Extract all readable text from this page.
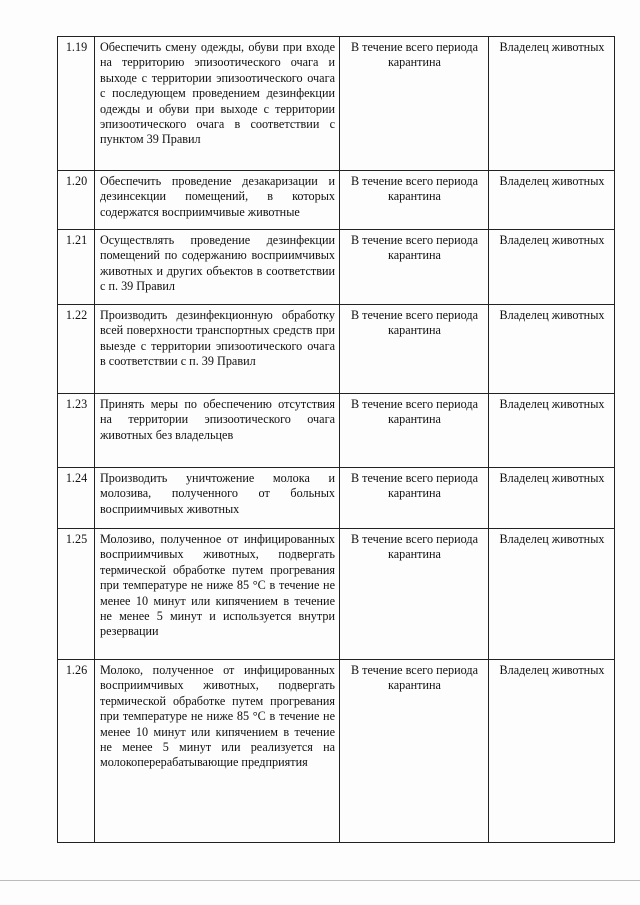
1.19	Обеспечить смену одежды, обуви при входе на территорию эпизоотического очага и выходе с территории эпизоотического очага с последующем проведением дезинфекции одежды и обуви при выходе с территории эпизоотического очага в соответствии с пунктом 39 Правил	В течение всего периода карантина	Владелец животных
1.20	Обеспечить проведение дезакаризации и дезинсекции помещений, в которых содержатся восприимчивые животные	В течение всего периода карантина	Владелец животных
1.21	Осуществлять проведение дезинфекции помещений по содержанию восприимчивых животных и других объектов в соответствии с п. 39 Правил	В течение всего периода карантина	Владелец животных
1.22	Производить дезинфекционную обработку всей поверхности транспортных средств при выезде с территории эпизоотического очага в соответствии с п. 39 Правил	В течение всего периода карантина	Владелец животных
1.23	Принять меры по обеспечению отсутствия на территории эпизоотического очага животных без владельцев	В течение всего периода карантина	Владелец животных
1.24	Производить уничтожение молока и молозива, полученного от больных восприимчивых животных	В течение всего периода карантина	Владелец животных
1.25	Молозиво, полученное от инфицированных восприимчивых животных, подвергать термической обработке путем прогревания при температуре не ниже 85 °С в течение не менее 10 минут или кипячением в течение не менее 5 минут и используется внутри резервации	В течение всего периода карантина	Владелец животных
1.26	Молоко, полученное от инфицированных восприимчивых животных, подвергать термической обработке путем прогревания при температуре не ниже 85 °С в течение не менее 10 минут или кипячением в течение не менее 5 минут или реализуется на молокоперерабатывающие предприятия	В течение всего периода карантина	Владелец животных
